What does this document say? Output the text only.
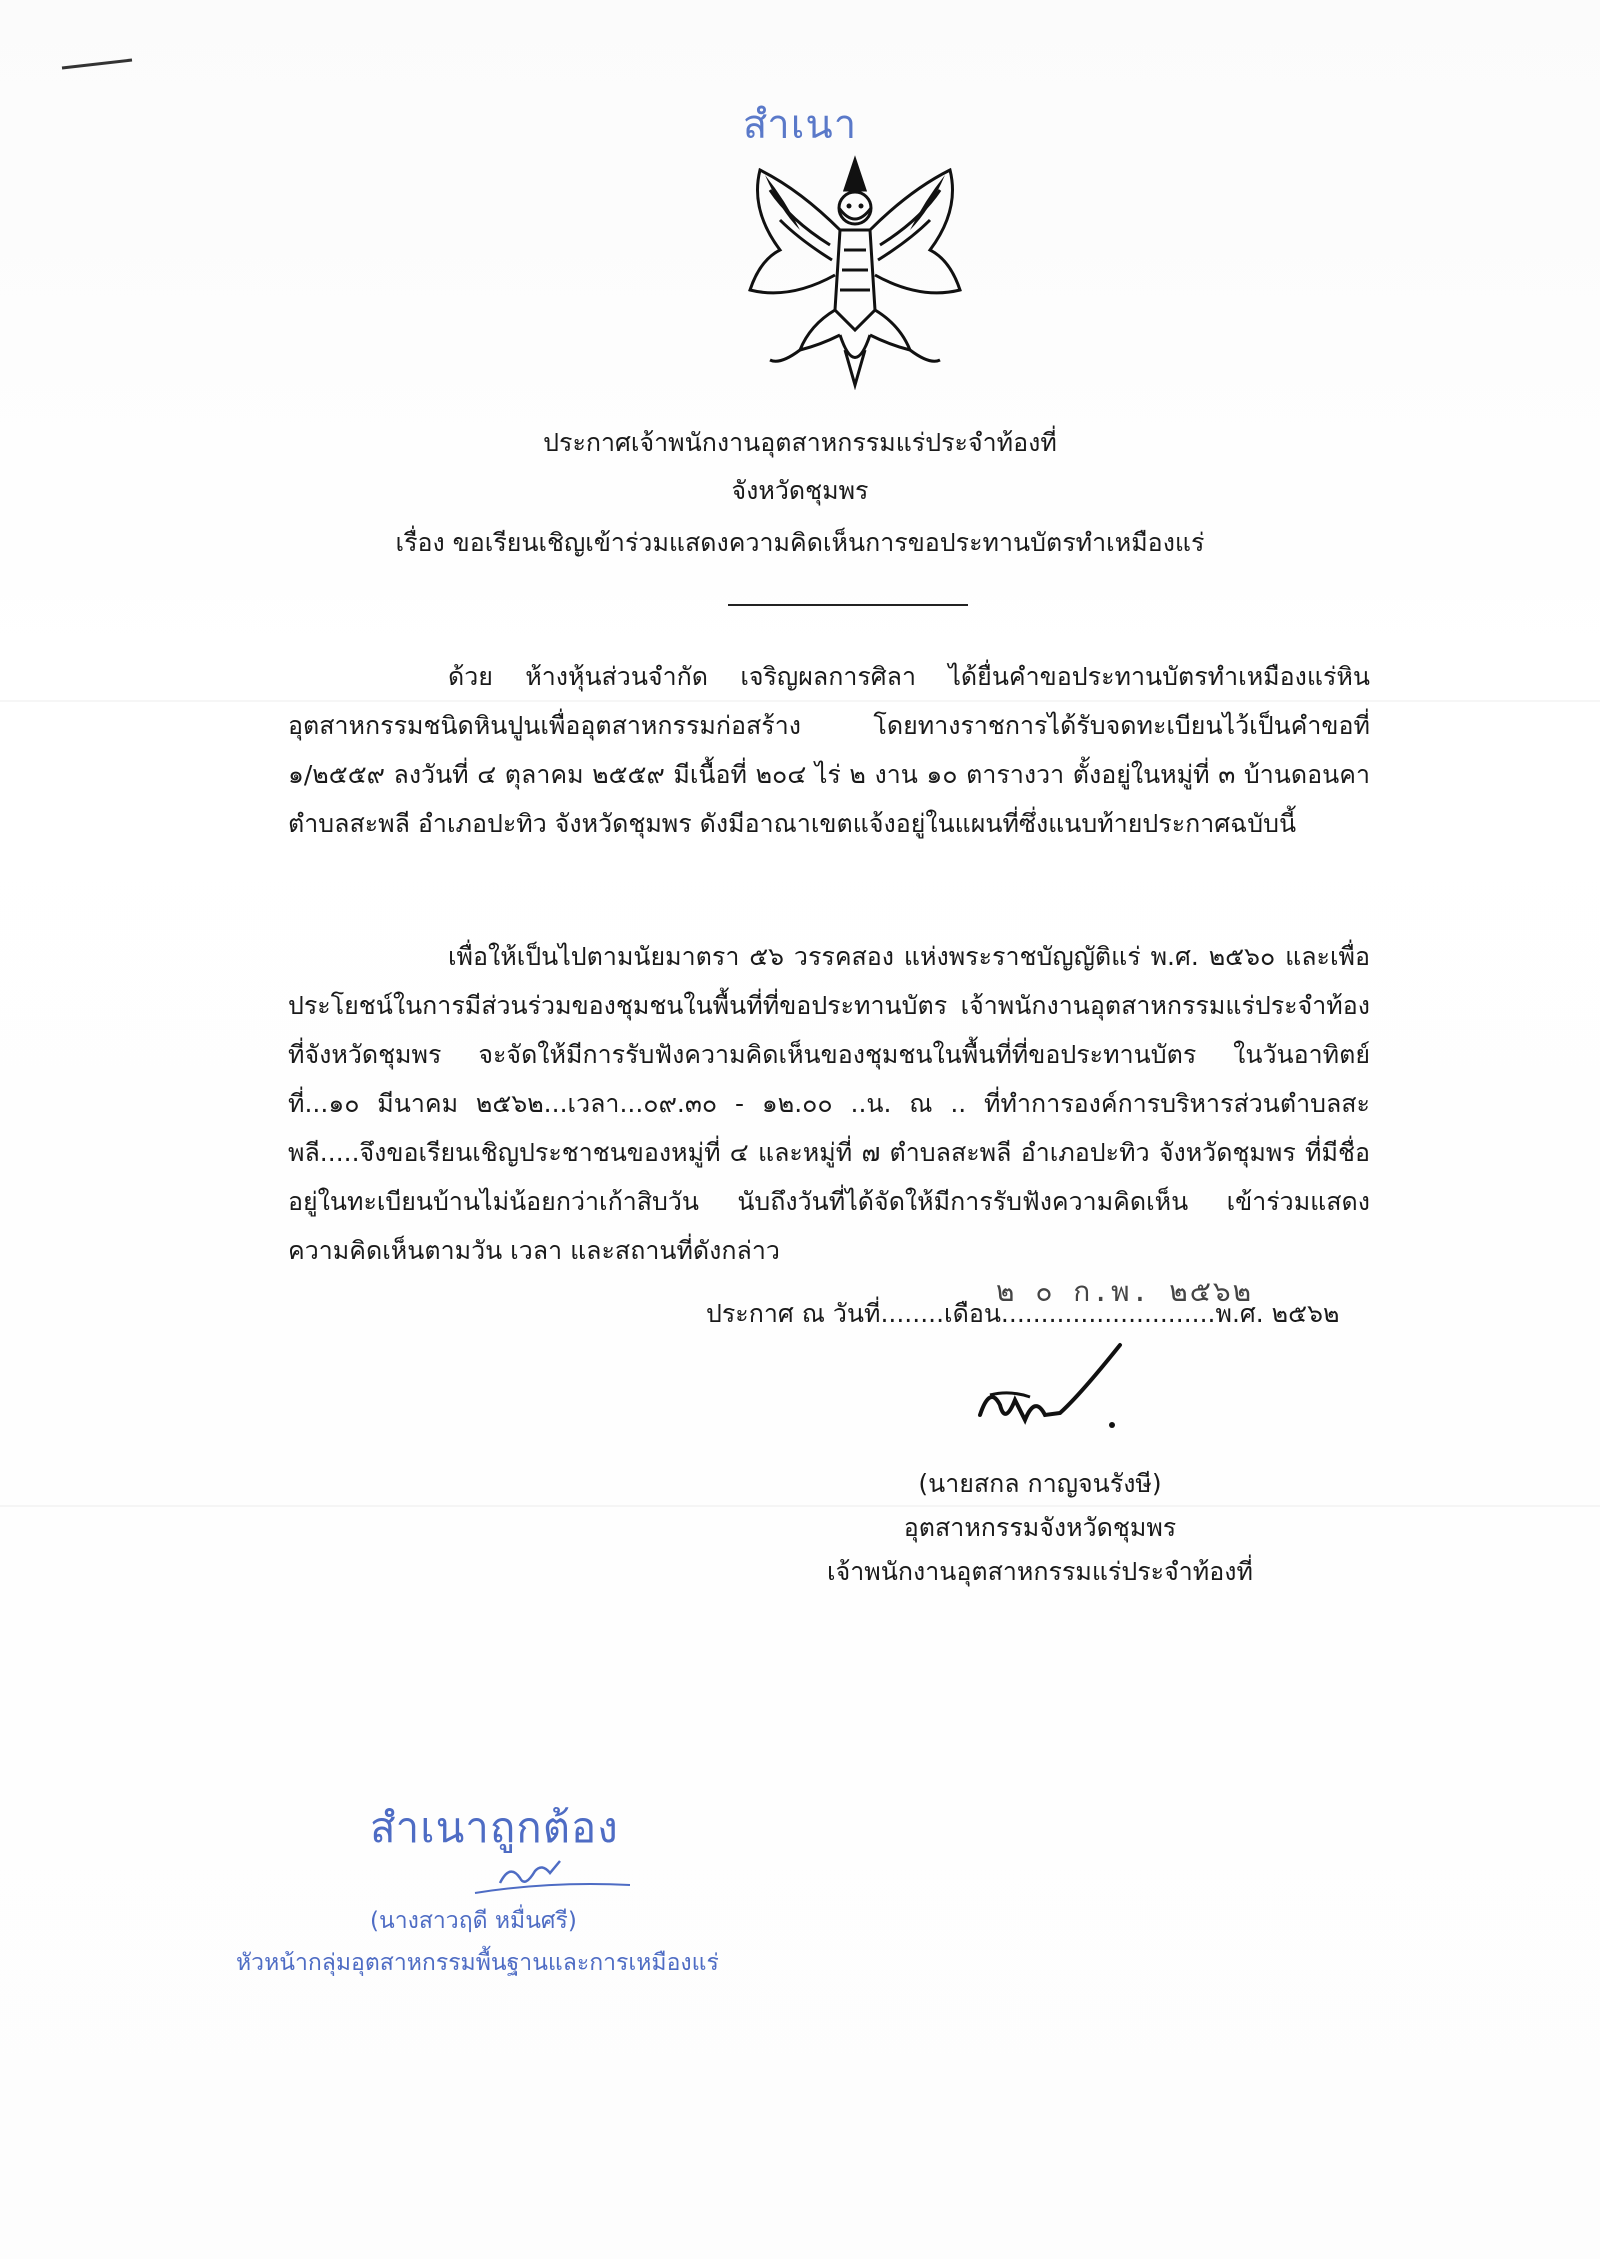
สำเนา
ประกาศเจ้าพนักงานอุตสาหกรรมแร่ประจำท้องที่
จังหวัดชุมพร
เรื่อง ขอเรียนเชิญเข้าร่วมแสดงความคิดเห็นการขอประทานบัตรทำเหมืองแร่
ด้วย ห้างหุ้นส่วนจำกัด เจริญผลการศิลา ได้ยื่นคำขอประทานบัตรทำเหมืองแร่หินอุตสาหกรรมชนิดหินปูนเพื่ออุตสาหกรรมก่อสร้าง โดยทางราชการได้รับจดทะเบียนไว้เป็นคำขอที่ ๑/๒๕๕๙ ลงวันที่ ๔ ตุลาคม ๒๕๕๙ มีเนื้อที่ ๒๐๔ ไร่ ๒ งาน ๑๐ ตารางวา ตั้งอยู่ในหมู่ที่ ๓ บ้านดอนคา ตำบลสะพลี อำเภอปะทิว จังหวัดชุมพร ดังมีอาณาเขตแจ้งอยู่ในแผนที่ซึ่งแนบท้ายประกาศฉบับนี้
เพื่อให้เป็นไปตามนัยมาตรา ๕๖ วรรคสอง แห่งพระราชบัญญัติแร่ พ.ศ. ๒๕๖๐ และเพื่อประโยชน์ในการมีส่วนร่วมของชุมชนในพื้นที่ที่ขอประทานบัตร เจ้าพนักงานอุตสาหกรรมแร่ประจำท้องที่จังหวัดชุมพร จะจัดให้มีการรับฟังความคิดเห็นของชุมชนในพื้นที่ที่ขอประทานบัตร ในวันอาทิตย์ที่...๑๐ มีนาคม ๒๕๖๒...เวลา...๐๙.๓๐ - ๑๒.๐๐ ..น. ณ .. ที่ทำการองค์การบริหารส่วนตำบลสะพลี.....จึงขอเรียนเชิญประชาชนของหมู่ที่ ๔ และหมู่ที่ ๗ ตำบลสะพลี อำเภอปะทิว จังหวัดชุมพร ที่มีชื่ออยู่ในทะเบียนบ้านไม่น้อยกว่าเก้าสิบวัน นับถึงวันที่ได้จัดให้มีการรับฟังความคิดเห็น เข้าร่วมแสดงความคิดเห็นตามวัน เวลา และสถานที่ดังกล่าว
๒ ๐ ก.พ. ๒๕๖๒
ประกาศ ณ วันที่........เดือน...........................พ.ศ. ๒๕๖๒
(นายสกล กาญจนรังษี)
อุตสาหกรรมจังหวัดชุมพร
เจ้าพนักงานอุตสาหกรรมแร่ประจำท้องที่
สำเนาถูกต้อง
(นางสาวฤดี หมื่นศรี)
หัวหน้ากลุ่มอุตสาหกรรมพื้นฐานและการเหมืองแร่
